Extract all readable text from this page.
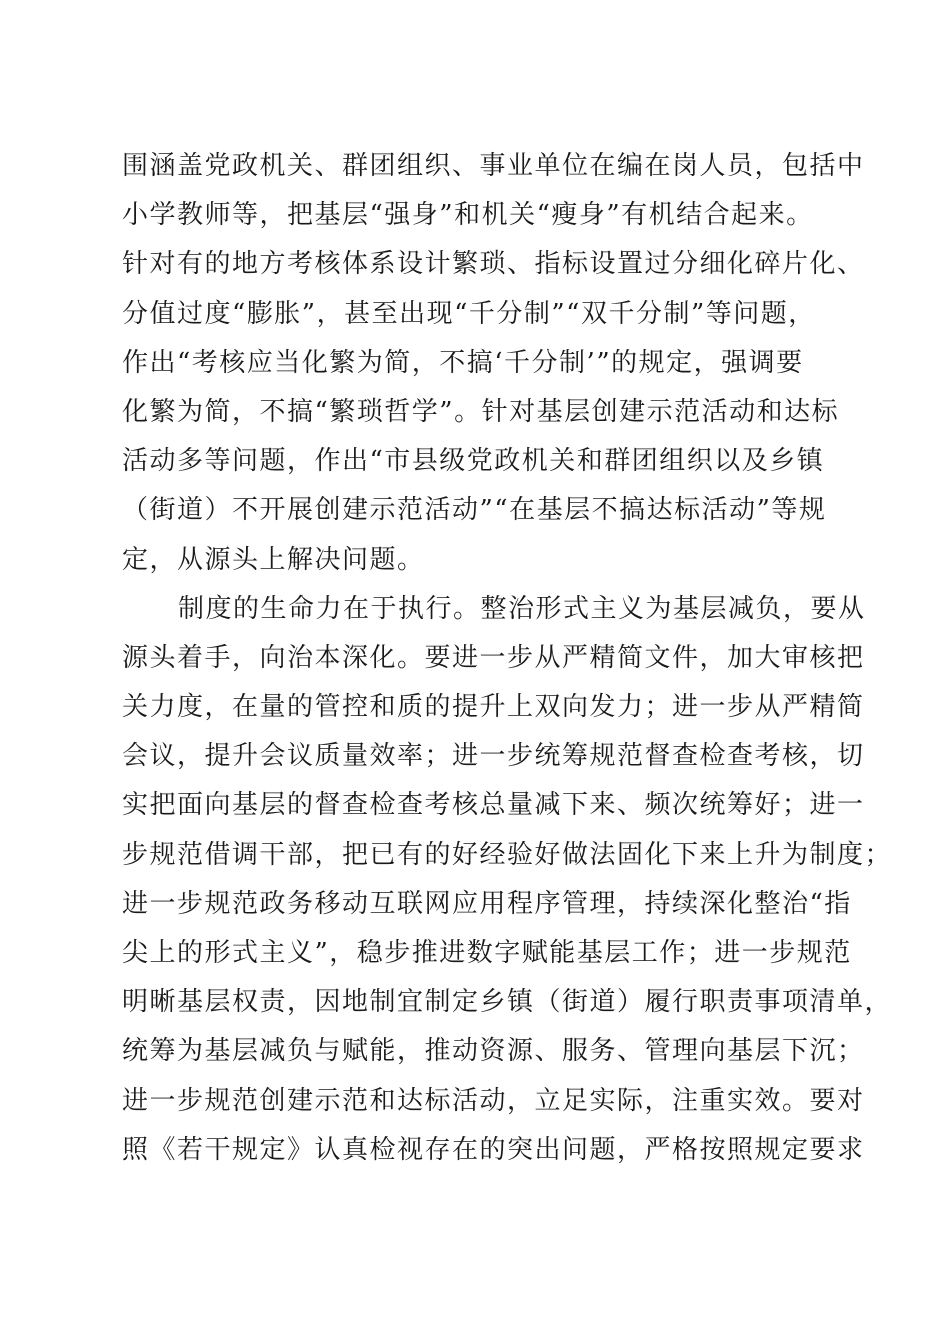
围涵盖党政机关、群团组织、事业单位在编在岗人员，包括中
小学教师等，把基层“强身”和机关“瘦身”有机结合起来。
针对有的地方考核体系设计繁琐、指标设置过分细化碎片化、
分值过度“膨胀”，甚至出现“千分制”“双千分制”等问题，
作出“考核应当化繁为简，不搞‘千分制’”的规定，强调要
化繁为简，不搞“繁琐哲学”。针对基层创建示范活动和达标
活动多等问题，作出“市县级党政机关和群团组织以及乡镇
（街道）不开展创建示范活动”“在基层不搞达标活动”等规
定，从源头上解决问题。
制度的生命力在于执行。整治形式主义为基层减负，要从
源头着手，向治本深化。要进一步从严精简文件，加大审核把
关力度，在量的管控和质的提升上双向发力；进一步从严精简
会议，提升会议质量效率；进一步统筹规范督查检查考核，切
实把面向基层的督查检查考核总量减下来、频次统筹好；进一
步规范借调干部，把已有的好经验好做法固化下来上升为制度；
进一步规范政务移动互联网应用程序管理，持续深化整治“指
尖上的形式主义”，稳步推进数字赋能基层工作；进一步规范
明晰基层权责，因地制宜制定乡镇（街道）履行职责事项清单，
统筹为基层减负与赋能，推动资源、服务、管理向基层下沉；
进一步规范创建示范和达标活动，立足实际，注重实效。要对
照《若干规定》认真检视存在的突出问题，严格按照规定要求
